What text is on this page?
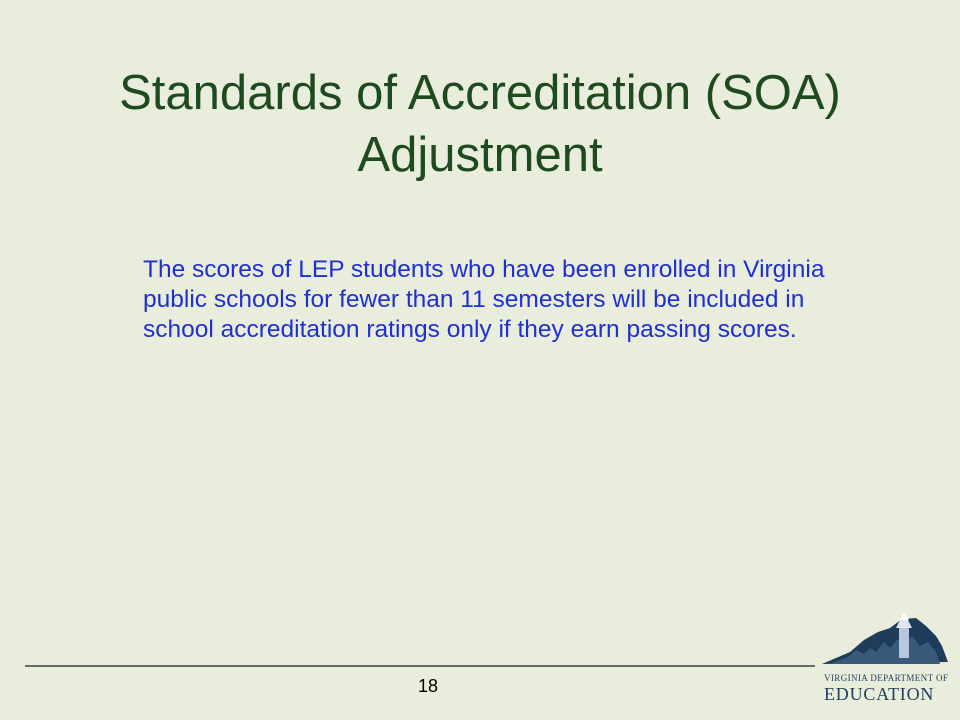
Standards of Accreditation (SOA)
Adjustment
The scores of LEP students who have been enrolled in Virginia public schools for fewer than 11 semesters will be included in school accreditation ratings only if they earn passing scores.
18	VIRGINIA DEPARTMENT OF
EDUCATION
